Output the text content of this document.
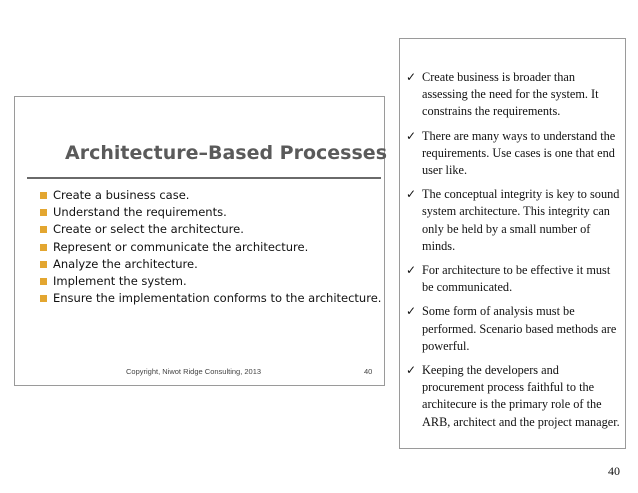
Architecture–Based Processes
Create a business case.
Understand the requirements.
Create or select the architecture.
Represent or communicate the architecture.
Analyze the architecture.
Implement the system.
Ensure the implementation conforms to the architecture.
Copyright, Niwot Ridge Consulting, 2013	40
✓ Create business is broader than assessing the need for the system. It constrains the requirements.
✓ There are many ways to understand the requirements. Use cases is one that end user like.
✓ The conceptual integrity is key to sound system architecture. This integrity can only be held by a small number of minds.
✓ For architecture to be effective it must be communicated.
✓ Some form of analysis must be performed. Scenario based methods are powerful.
✓ Keeping the developers and procurement process faithful to the architecure is the primary role of the ARB, architect and the project manager.
40
